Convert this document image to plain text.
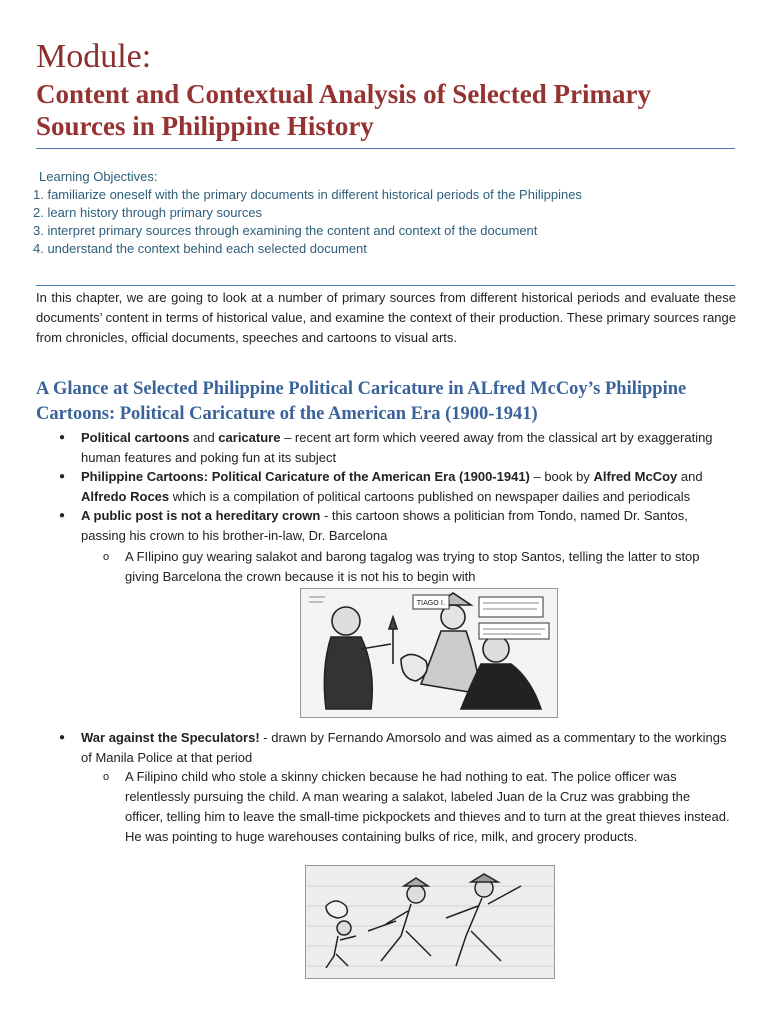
Module:
Content and Contextual Analysis of Selected Primary Sources in Philippine History
Learning Objectives:
1. familiarize oneself with the primary documents in different historical periods of the Philippines
2. learn history through primary sources
3. interpret primary sources through examining the content and context of the document
4. understand the context behind each selected document
In this chapter, we are going to look at a number of primary sources from different historical periods and evaluate these documents’ content in terms of historical value, and examine the context of their production. These primary sources range from chronicles, official documents, speeches and cartoons to visual arts.
A Glance at Selected Philippine Political Caricature in ALfred McCoy’s Philippine Cartoons: Political Caricature of the American Era (1900-1941)
● Political cartoons and caricature – recent art form which veered away from the classical art by exaggerating human features and poking fun at its subject
● Philippine Cartoons: Political Caricature of the American Era (1900-1941) – book by Alfred McCoy and Alfredo Roces which is a compilation of political cartoons published on newspaper dailies and periodicals
● A public post is not a hereditary crown - this cartoon shows a politician from Tondo, named Dr. Santos, passing his crown to his brother-in-law, Dr. Barcelona
o A FIlipino guy wearing salakot and barong tagalog was trying to stop Santos, telling the latter to stop giving Barcelona the crown because it is not his to begin with
TIAGO I.
● War against the Speculators! - drawn by Fernando Amorsolo and was aimed as a commentary to the workings of Manila Police at that period
o A Filipino child who stole a skinny chicken because he had nothing to eat. The police officer was relentlessly pursuing the child. A man wearing a salakot, labeled Juan de la Cruz was grabbing the officer, telling him to leave the small-time pickpockets and thieves and to turn at the great thieves instead. He was pointing to huge warehouses containing bulks of rice, milk, and grocery products.
